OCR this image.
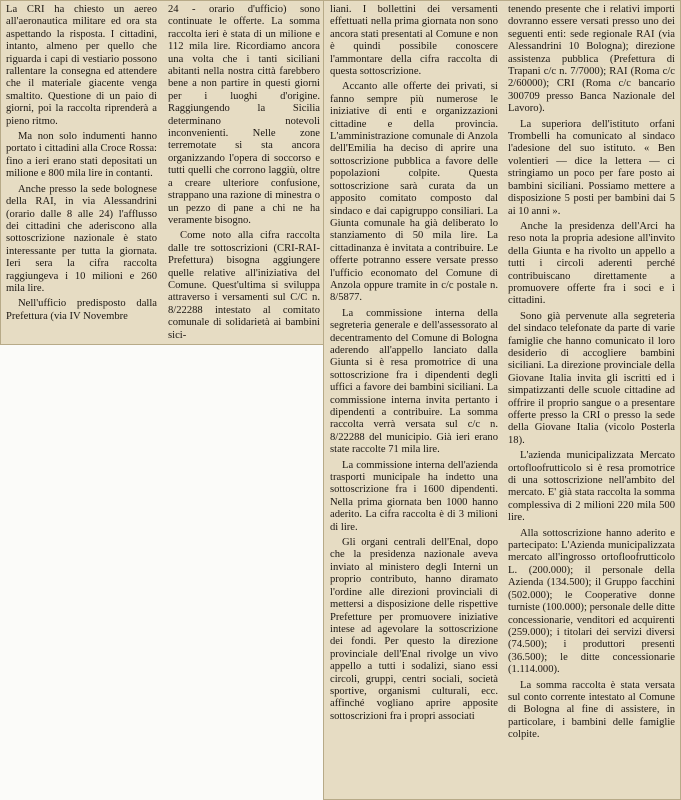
La CRI ha chiesto un aereo all'aeronautica militare ed ora sta aspettando la risposta. I cittadini, intanto, almeno per quello che riguarda i capi di vestiario possono rallentare la consegna ed attendere che il materiale giacente venga smaltito. Questione di un paio di giorni, poi la raccolta riprenderà a pieno ritmo.

Ma non solo indumenti hanno portato i cittadini alla Croce Rossa: fino a ieri erano stati depositati un milione e 800 mila lire in contanti.

Anche presso la sede bolognese della RAI, in via Alessandrini (orario dalle 8 alle 24) l'afflusso dei cittadini che aderiscono alla sottoscrizione nazionale è stato interessante per tutta la giornata. Ieri sera la cifra raccolta raggiungeva i 10 milioni e 260 mila lire.

Nell'ufficio predisposto dalla Prefettura (via IV Novembre

24 - orario d'ufficio) sono continuate le offerte. La somma raccolta ieri è stata di un milione e 112 mila lire. Ricordiamo ancora una volta che i tanti siciliani abitanti nella nostra città farebbero bene a non partire in questi giorni per i luoghi d'origine. Raggiungendo la Sicilia determinano notevoli inconvenienti. Nelle zone terremotate si sta ancora organizzando l'opera di soccorso e tutti quelli che corrono laggiù, oltre a creare ulteriore confusione, strappano una razione di minestra o un pezzo di pane a chi ne ha veramente bisogno.

Come noto alla cifra raccolta dalle tre sottoscrizioni (CRI-RAI-Prefettura) bisogna aggiungere quelle relative all'iniziativa del Comune. Quest'ultima si sviluppa attraverso i versamenti sul C/C n. 8/22288 intestato al comitato comunale di solidarietà ai bambini sici-

liani. I bollettini dei versamenti effettuati nella prima giornata non sono ancora stati presentati al Comune e non è quindi possibile conoscere l'ammontare della cifra raccolta di questa sottoscrizione.

Accanto alle offerte dei privati, si fanno sempre più numerose le iniziative di enti e organizzazioni cittadine e della provincia. L'amministrazione comunale di Anzola dell'Emilia ha deciso di aprire una sottoscrizione pubblica a favore delle popolazioni colpite. Questa sottoscrizione sarà curata da un apposito comitato composto dal sindaco e dai capigruppo consiliari. La Giunta comunale ha già deliberato lo stanziamento di 50 mila lire. La cittadinanza è invitata a contribuire. Le offerte potranno essere versate presso l'ufficio economato del Comune di Anzola oppure tramite in c/c postale n. 8/5877.

La commissione interna della segreteria generale e dell'assessorato al decentramento del Comune di Bologna aderendo all'appello lanciato dalla Giunta si è resa promotrice di una sottoscrizione fra i dipendenti degli uffici a favore dei bambini siciliani. La commissione interna invita pertanto i dipendenti a contribuire. La somma raccolta verrà versata sul c/c n. 8/22288 del municipio. Già ieri erano state raccolte 71 mila lire.

La commissione interna dell'azienda trasporti municipale ha indetto una sottoscrizione fra i 1600 dipendenti. Nella prima giornata ben 1000 hanno aderito. La cifra raccolta è di 3 milioni di lire.

Gli organi centrali dell'Enal, dopo che la presidenza nazionale aveva inviato al ministero degli Interni un proprio contributo, hanno diramato l'ordine alle direzioni provinciali di mettersi a disposizione delle rispettive Prefetture per promuovere iniziative intese ad agevolare la sottoscrizione dei fondi. Per questo la direzione provinciale dell'Enal rivolge un vivo appello a tutti i sodalizi, siano essi circoli, gruppi, centri sociali, società sportive, organismi culturali, ecc. affinché vogliano aprire apposite sottoscrizioni fra i propri associati

tenendo presente che i relativi importi dovranno essere versati presso uno dei seguenti enti: sede regionale RAI (via Alessandrini 10 Bologna); direzione assistenza pubblica (Prefettura di Trapani c/c n. 7/7000); RAI (Roma c/c 2/60000); CRI (Roma c/c bancario 300709 presso Banca Nazionale del Lavoro).

La superiora dell'istituto orfani Trombelli ha comunicato al sindaco l'adesione del suo istituto. « Ben volentieri — dice la lettera — ci stringiamo un poco per fare posto ai bambini siciliani. Possiamo mettere a disposizione 5 posti per bambini dai 5 ai 10 anni ».

Anche la presidenza dell'Arci ha reso nota la propria adesione all'invito della Giunta e ha rivolto un appello a tutti i circoli aderenti perché contribuiscano direttamente a promuovere offerte fra i soci e i cittadini.

Sono già pervenute alla segreteria del sindaco telefonate da parte di varie famiglie che hanno comunicato il loro desiderio di accogliere bambini siciliani. La direzione provinciale della Giovane Italia invita gli iscritti ed i simpatizzanti delle scuole cittadine ad offrire il proprio sangue o a presentare offerte presso la CRI o presso la sede della Giovane Italia (vicolo Posterla 18).

L'azienda municipalizzata Mercato ortofloofrutticolo si è resa promotrice di una sottoscrizione nell'ambito del mercato. E' già stata raccolta la somma complessiva di 2 milioni 220 mila 500 lire.

Alla sottoscrizione hanno aderito e partecipato: L'Azienda municipalizzata mercato all'ingrosso ortofloofrutticolo L. (200.000); il personale della Azienda (134.500); il Gruppo facchini (502.000); le Cooperative donne turniste (100.000); personale delle ditte concessionarie, venditori ed acquirenti (259.000); i titolari dei servizi diversi (74.500); i produttori presenti (36.500); le ditte concessionarie (1.114.000).

La somma raccolta è stata versata sul conto corrente intestato al Comune di Bologna al fine di assistere, in particolare, i bambini delle famiglie colpite.
